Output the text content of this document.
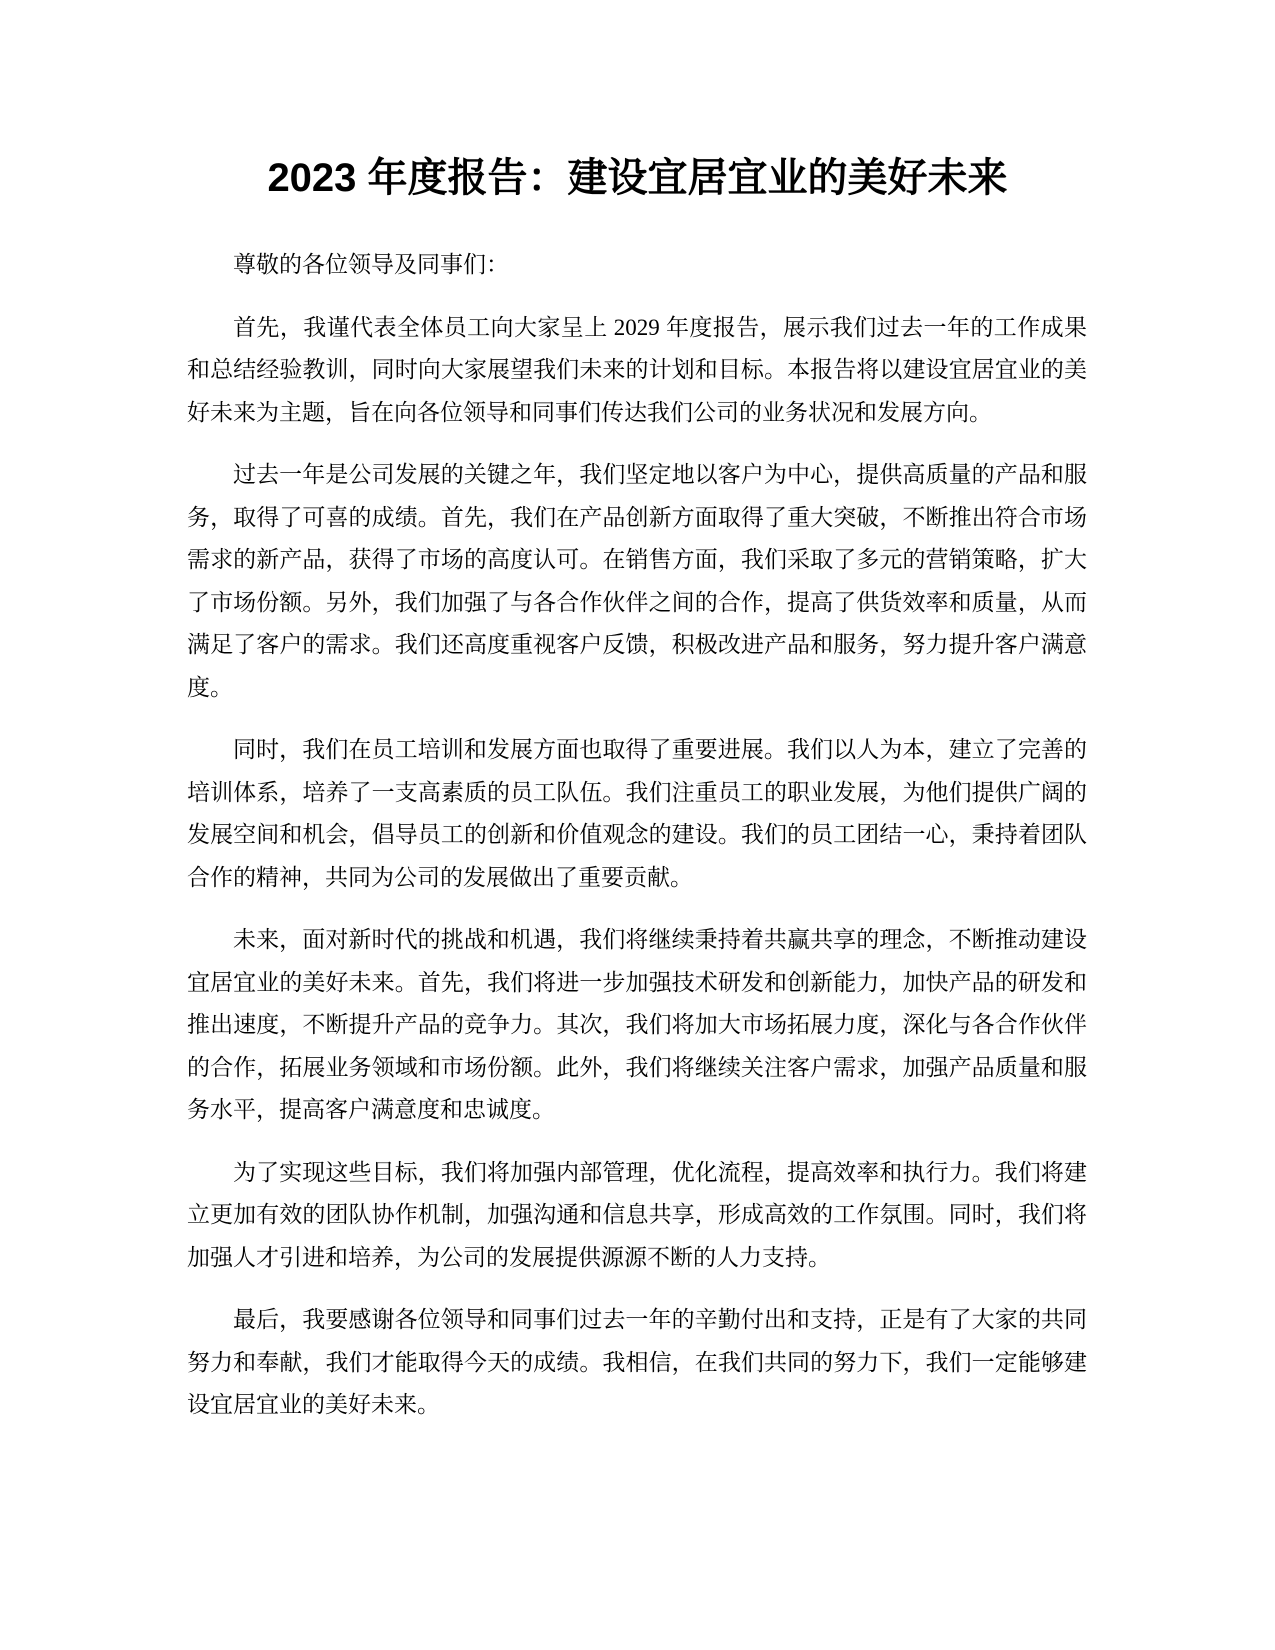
2023 年度报告：建设宜居宜业的美好未来

尊敬的各位领导及同事们：

首先，我谨代表全体员工向大家呈上 2029 年度报告，展示我们过去一年的工作成果和总结经验教训，同时向大家展望我们未来的计划和目标。本报告将以建设宜居宜业的美好未来为主题，旨在向各位领导和同事们传达我们公司的业务状况和发展方向。

过去一年是公司发展的关键之年，我们坚定地以客户为中心，提供高质量的产品和服务，取得了可喜的成绩。首先，我们在产品创新方面取得了重大突破，不断推出符合市场需求的新产品，获得了市场的高度认可。在销售方面，我们采取了多元的营销策略，扩大了市场份额。另外，我们加强了与各合作伙伴之间的合作，提高了供货效率和质量，从而满足了客户的需求。我们还高度重视客户反馈，积极改进产品和服务，努力提升客户满意度。

同时，我们在员工培训和发展方面也取得了重要进展。我们以人为本，建立了完善的培训体系，培养了一支高素质的员工队伍。我们注重员工的职业发展，为他们提供广阔的发展空间和机会，倡导员工的创新和价值观念的建设。我们的员工团结一心，秉持着团队合作的精神，共同为公司的发展做出了重要贡献。

未来，面对新时代的挑战和机遇，我们将继续秉持着共赢共享的理念，不断推动建设宜居宜业的美好未来。首先，我们将进一步加强技术研发和创新能力，加快产品的研发和推出速度，不断提升产品的竞争力。其次，我们将加大市场拓展力度，深化与各合作伙伴的合作，拓展业务领域和市场份额。此外，我们将继续关注客户需求，加强产品质量和服务水平，提高客户满意度和忠诚度。

为了实现这些目标，我们将加强内部管理，优化流程，提高效率和执行力。我们将建立更加有效的团队协作机制，加强沟通和信息共享，形成高效的工作氛围。同时，我们将加强人才引进和培养，为公司的发展提供源源不断的人力支持。

最后，我要感谢各位领导和同事们过去一年的辛勤付出和支持，正是有了大家的共同努力和奉献，我们才能取得今天的成绩。我相信，在我们共同的努力下，我们一定能够建设宜居宜业的美好未来。
